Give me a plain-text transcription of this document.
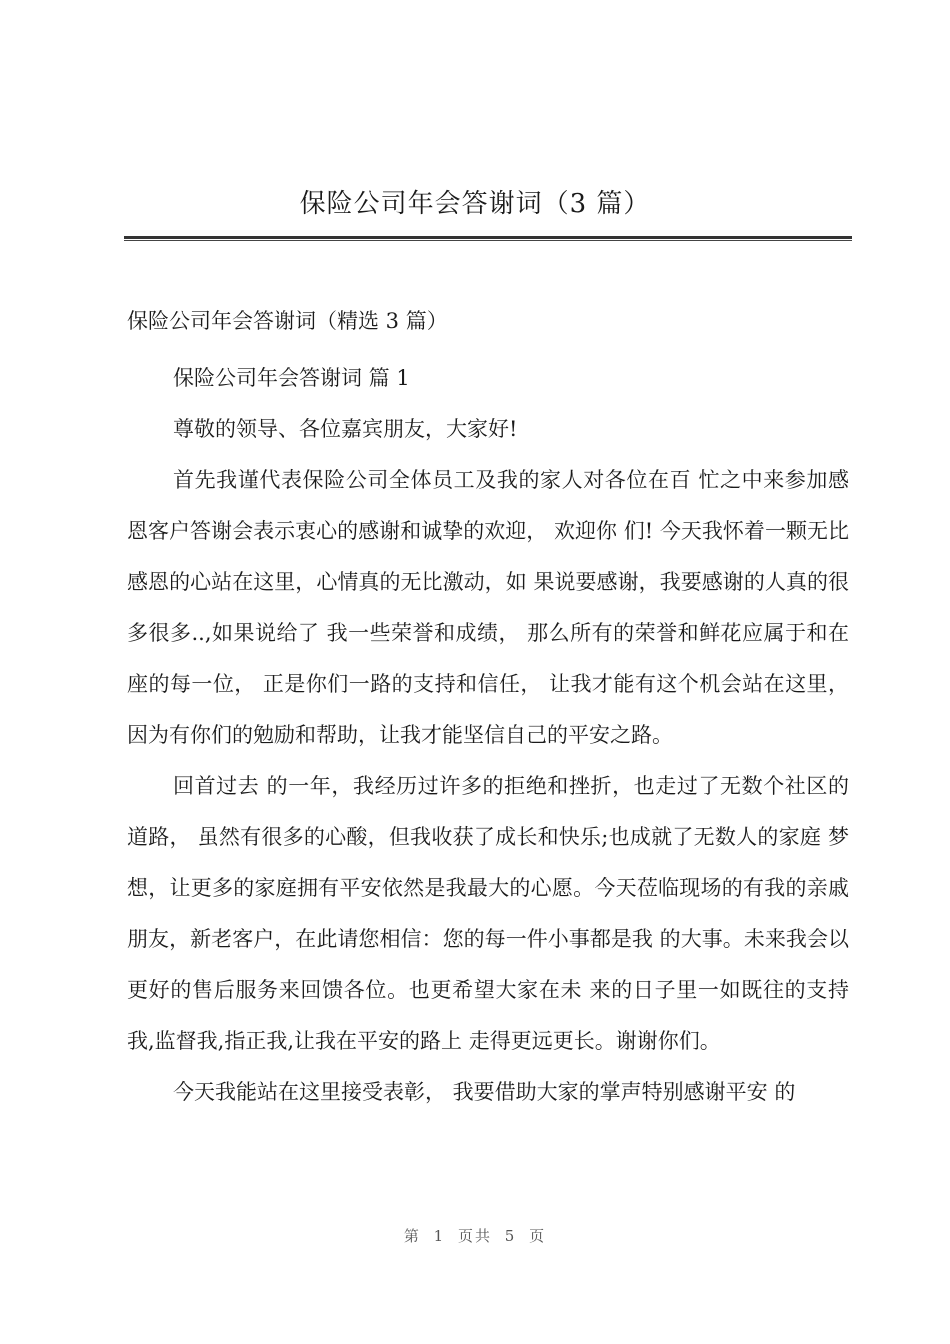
保险公司年会答谢词（3 篇）

保险公司年会答谢词（精选 3 篇）

保险公司年会答谢词 篇 1

尊敬的领导、各位嘉宾朋友，大家好!

首先我谨代表保险公司全体员工及我的家人对各位在百 忙之中来参加感恩客户答谢会表示衷心的感谢和诚挚的欢迎， 欢迎你 们! 今天我怀着一颗无比感恩的心站在这里，心情真的无比激动，如 果说要感谢，我要感谢的人真的很多很多..,如果说给了 我一些荣誉和成绩， 那么所有的荣誉和鲜花应属于和在座的每一位， 正是你们一路的支持和信任， 让我才能有这个机会站在这里， 因为有你们的勉励和帮助，让我才能坚信自己的平安之路。

回首过去 的一年，我经历过许多的拒绝和挫折，也走过了无数个社区的道路， 虽然有很多的心酸，但我收获了成长和快乐;也成就了无数人的家庭 梦想，让更多的家庭拥有平安依然是我最大的心愿。今天莅临现场的有我的亲戚朋友，新老客户，在此请您相信：您的每一件小事都是我 的大事。未来我会以更好的售后服务来回馈各位。也更希望大家在未 来的日子里一如既往的支持我,监督我,指正我,让我在平安的路上 走得更远更长。谢谢你们。

今天我能站在这里接受表彰， 我要借助大家的掌声特别感谢平安 的

第 1 页共 5 页
